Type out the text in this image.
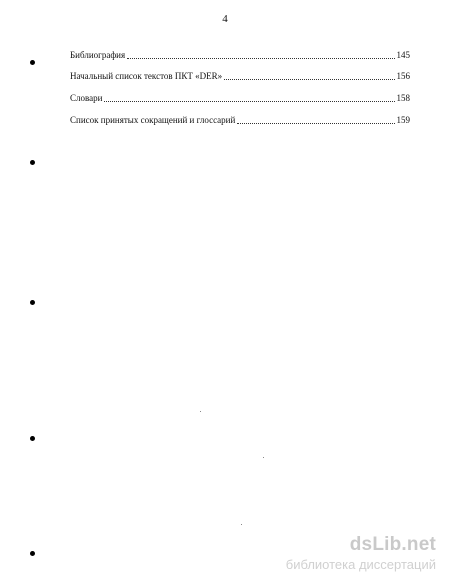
4
Библиография	145
Начальный список текстов ПКТ «DER»	156
Словари	158
Список принятых сокращений и глоссарий	159
dsLib.net
библиотека диссертаций
